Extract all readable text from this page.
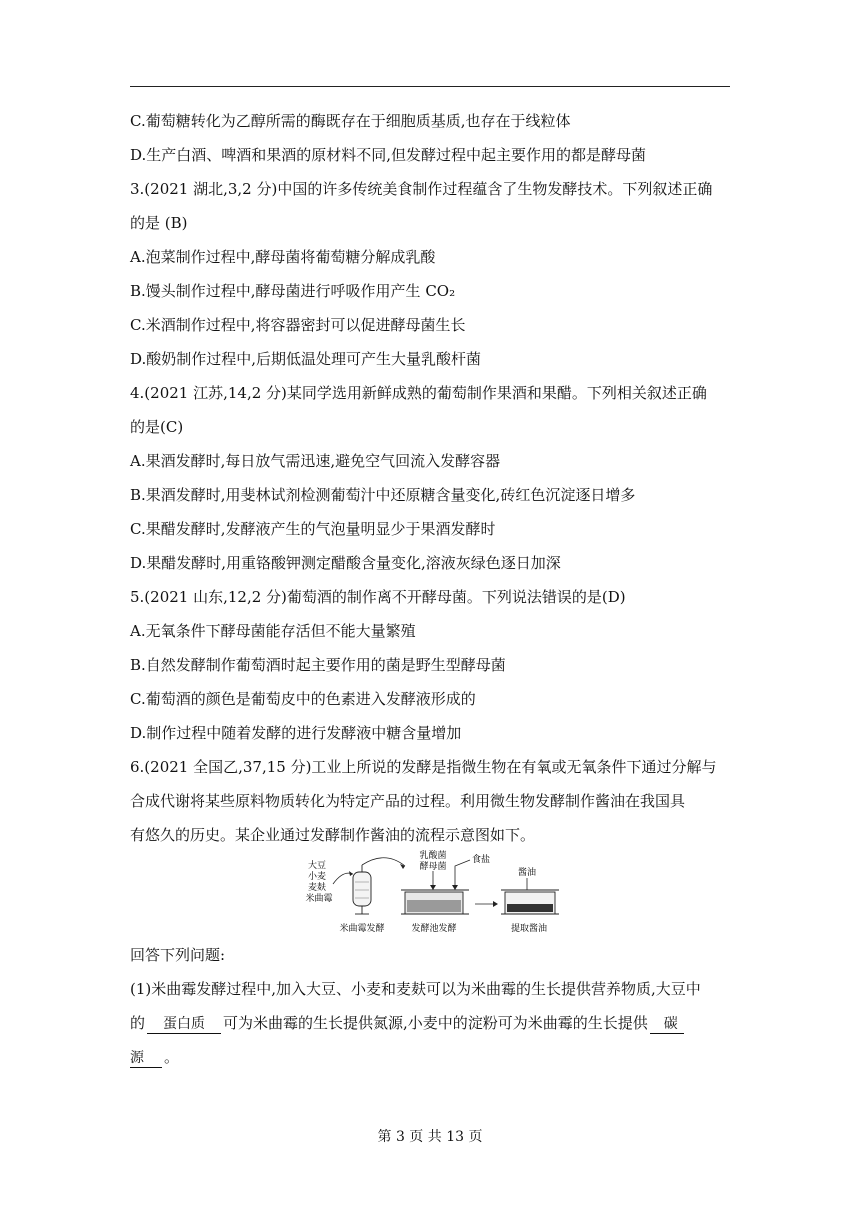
C.葡萄糖转化为乙醇所需的酶既存在于细胞质基质,也存在于线粒体
D.生产白酒、啤酒和果酒的原材料不同,但发酵过程中起主要作用的都是酵母菌
3.(2021 湖北,3,2 分)中国的许多传统美食制作过程蕴含了生物发酵技术。下列叙述正确
的是 (B)
A.泡菜制作过程中,酵母菌将葡萄糖分解成乳酸
B.馒头制作过程中,酵母菌进行呼吸作用产生 CO₂
C.米酒制作过程中,将容器密封可以促进酵母菌生长
D.酸奶制作过程中,后期低温处理可产生大量乳酸杆菌
4.(2021 江苏,14,2 分)某同学选用新鲜成熟的葡萄制作果酒和果醋。下列相关叙述正确
的是(C)
A.果酒发酵时,每日放气需迅速,避免空气回流入发酵容器
B.果酒发酵时,用斐林试剂检测葡萄汁中还原糖含量变化,砖红色沉淀逐日增多
C.果醋发酵时,发酵液产生的气泡量明显少于果酒发酵时
D.果醋发酵时,用重铬酸钾测定醋酸含量变化,溶液灰绿色逐日加深
5.(2021 山东,12,2 分)葡萄酒的制作离不开酵母菌。下列说法错误的是(D)
A.无氧条件下酵母菌能存活但不能大量繁殖
B.自然发酵制作葡萄酒时起主要作用的菌是野生型酵母菌
C.葡萄酒的颜色是葡萄皮中的色素进入发酵液形成的
D.制作过程中随着发酵的进行发酵液中糖含量增加
6.(2021 全国乙,37,15 分)工业上所说的发酵是指微生物在有氧或无氧条件下通过分解与
合成代谢将某些原料物质转化为特定产品的过程。利用微生物发酵制作酱油在我国具
有悠久的历史。某企业通过发酵制作酱油的流程示意图如下。
大豆
小麦
麦麸
米曲霉
乳酸菌
酵母菌
食盐
酱油
米曲霉发酵	发酵池发酵	提取酱油
回答下列问题:
(1)米曲霉发酵过程中,加入大豆、小麦和麦麸可以为米曲霉的生长提供营养物质,大豆中
的 蛋白质 可为米曲霉的生长提供氮源,小麦中的淀粉可为米曲霉的生长提供 碳
源 。
第 3 页 共 13 页
